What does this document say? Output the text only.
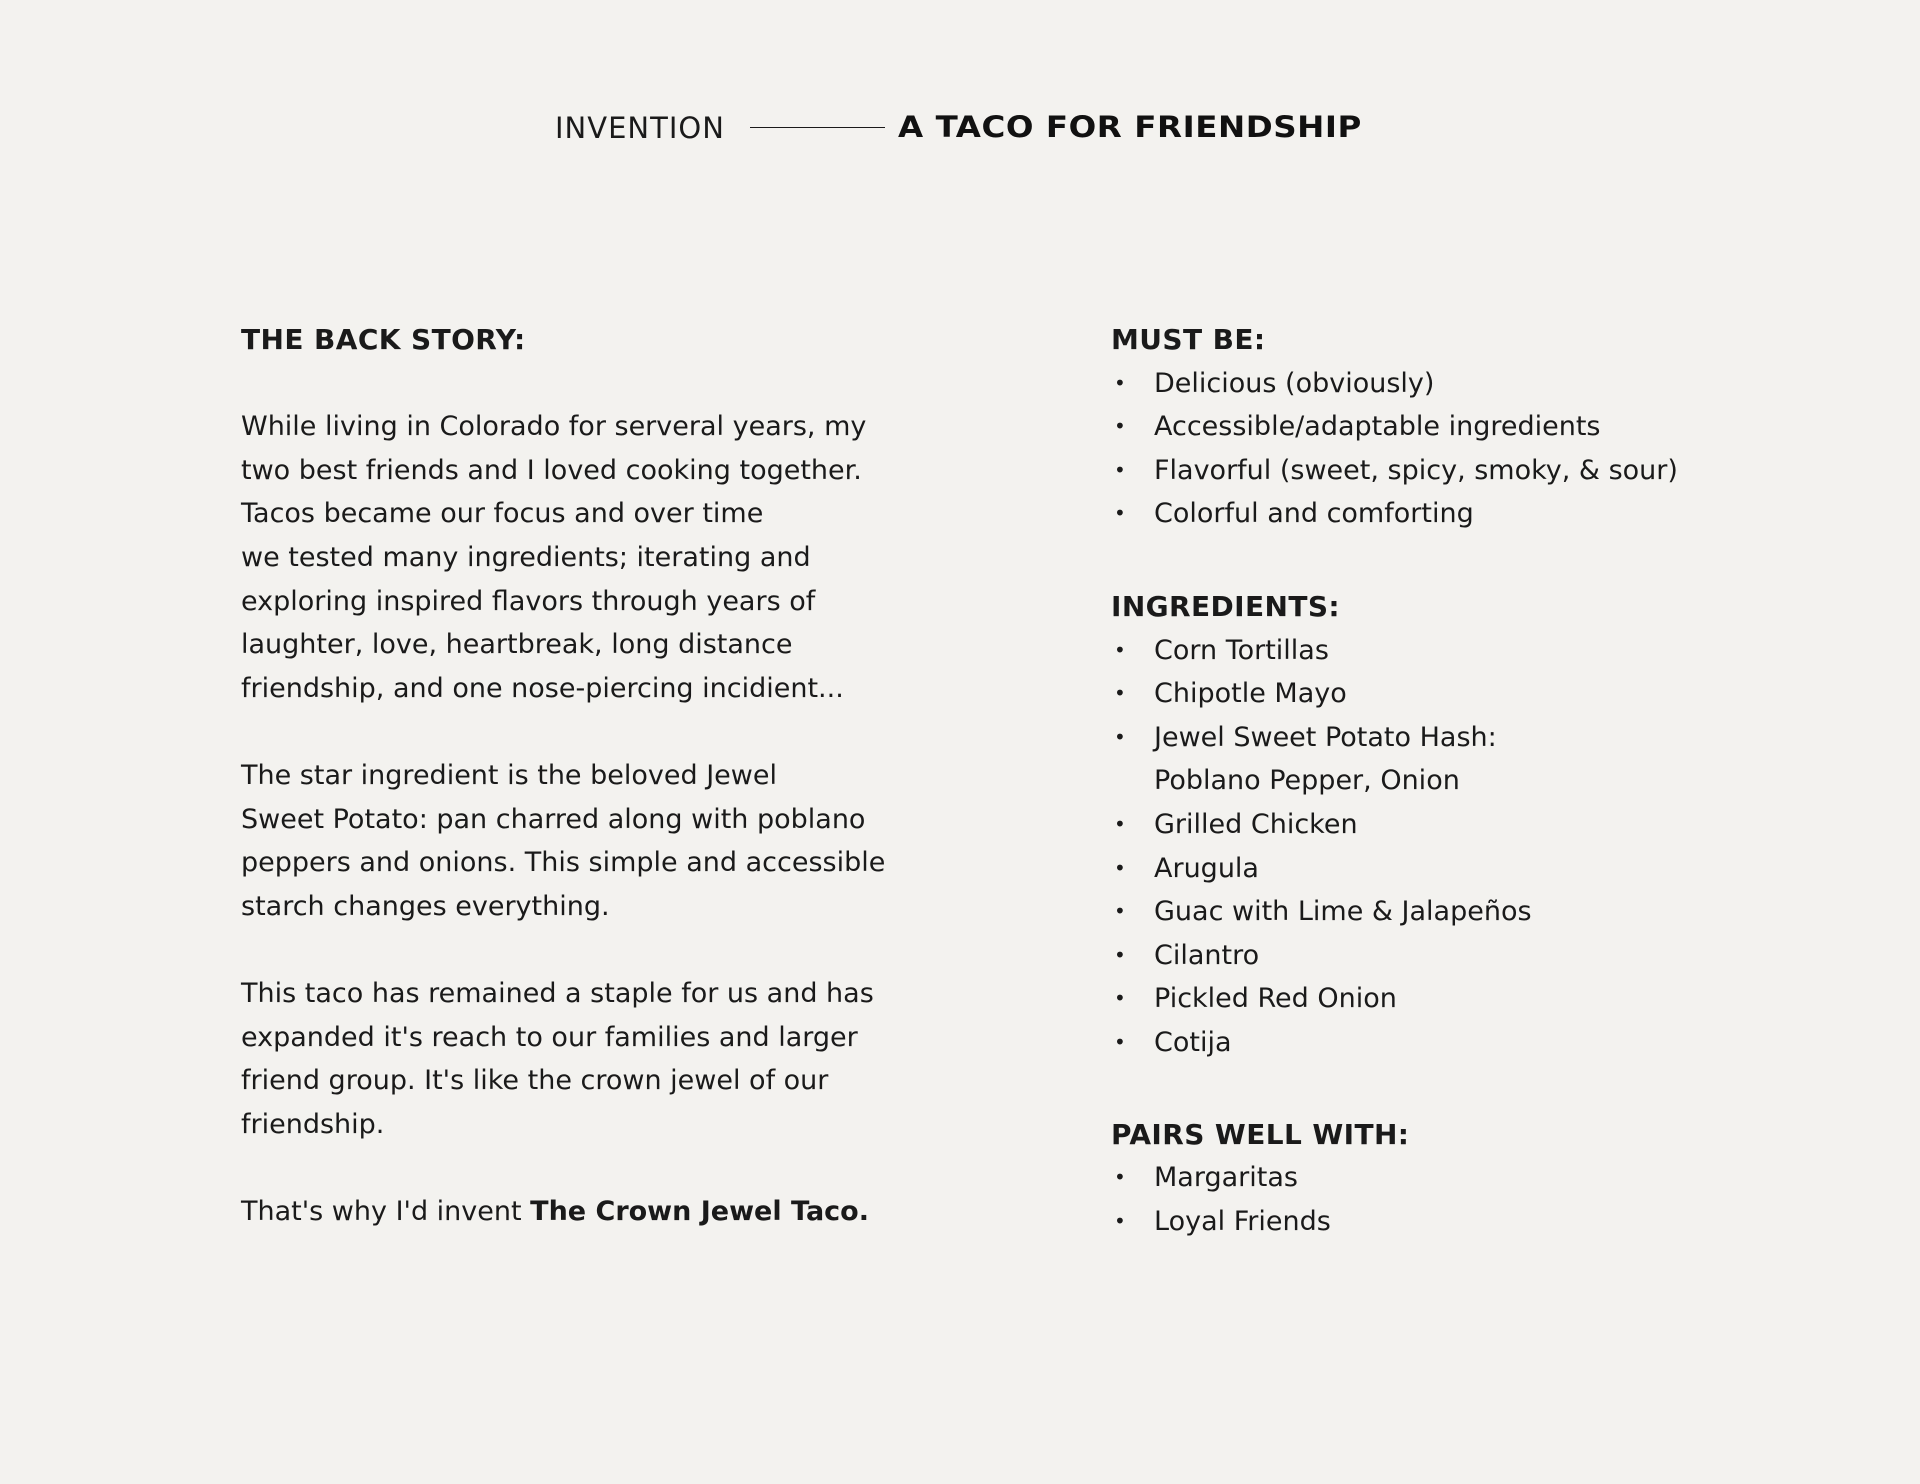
INVENTION	A TACO FOR FRIENDSHIP
THE BACK STORY:

While living in Colorado for serveral years, my
two best friends and I loved cooking together.
Tacos became our focus and over time
we tested many ingredients; iterating and
exploring inspired flavors through years of
laughter, love, heartbreak, long distance
friendship, and one nose-piercing incidient...

The star ingredient is the beloved Jewel
Sweet Potato: pan charred along with poblano
peppers and onions. This simple and accessible
starch changes everything.

This taco has remained a staple for us and has
expanded it's reach to our families and larger
friend group. It's like the crown jewel of our
friendship.

That's why I'd invent The Crown Jewel Taco.

MUST BE:
• Delicious (obviously)
• Accessible/adaptable ingredients
• Flavorful (sweet, spicy, smoky, & sour)
• Colorful and comforting
INGREDIENTS:
• Corn Tortillas
• Chipotle Mayo
• Jewel Sweet Potato Hash:
Poblano Pepper, Onion
• Grilled Chicken
• Arugula
• Guac with Lime & Jalapeños
• Cilantro
• Pickled Red Onion
• Cotija
PAIRS WELL WITH:
• Margaritas
• Loyal Friends
